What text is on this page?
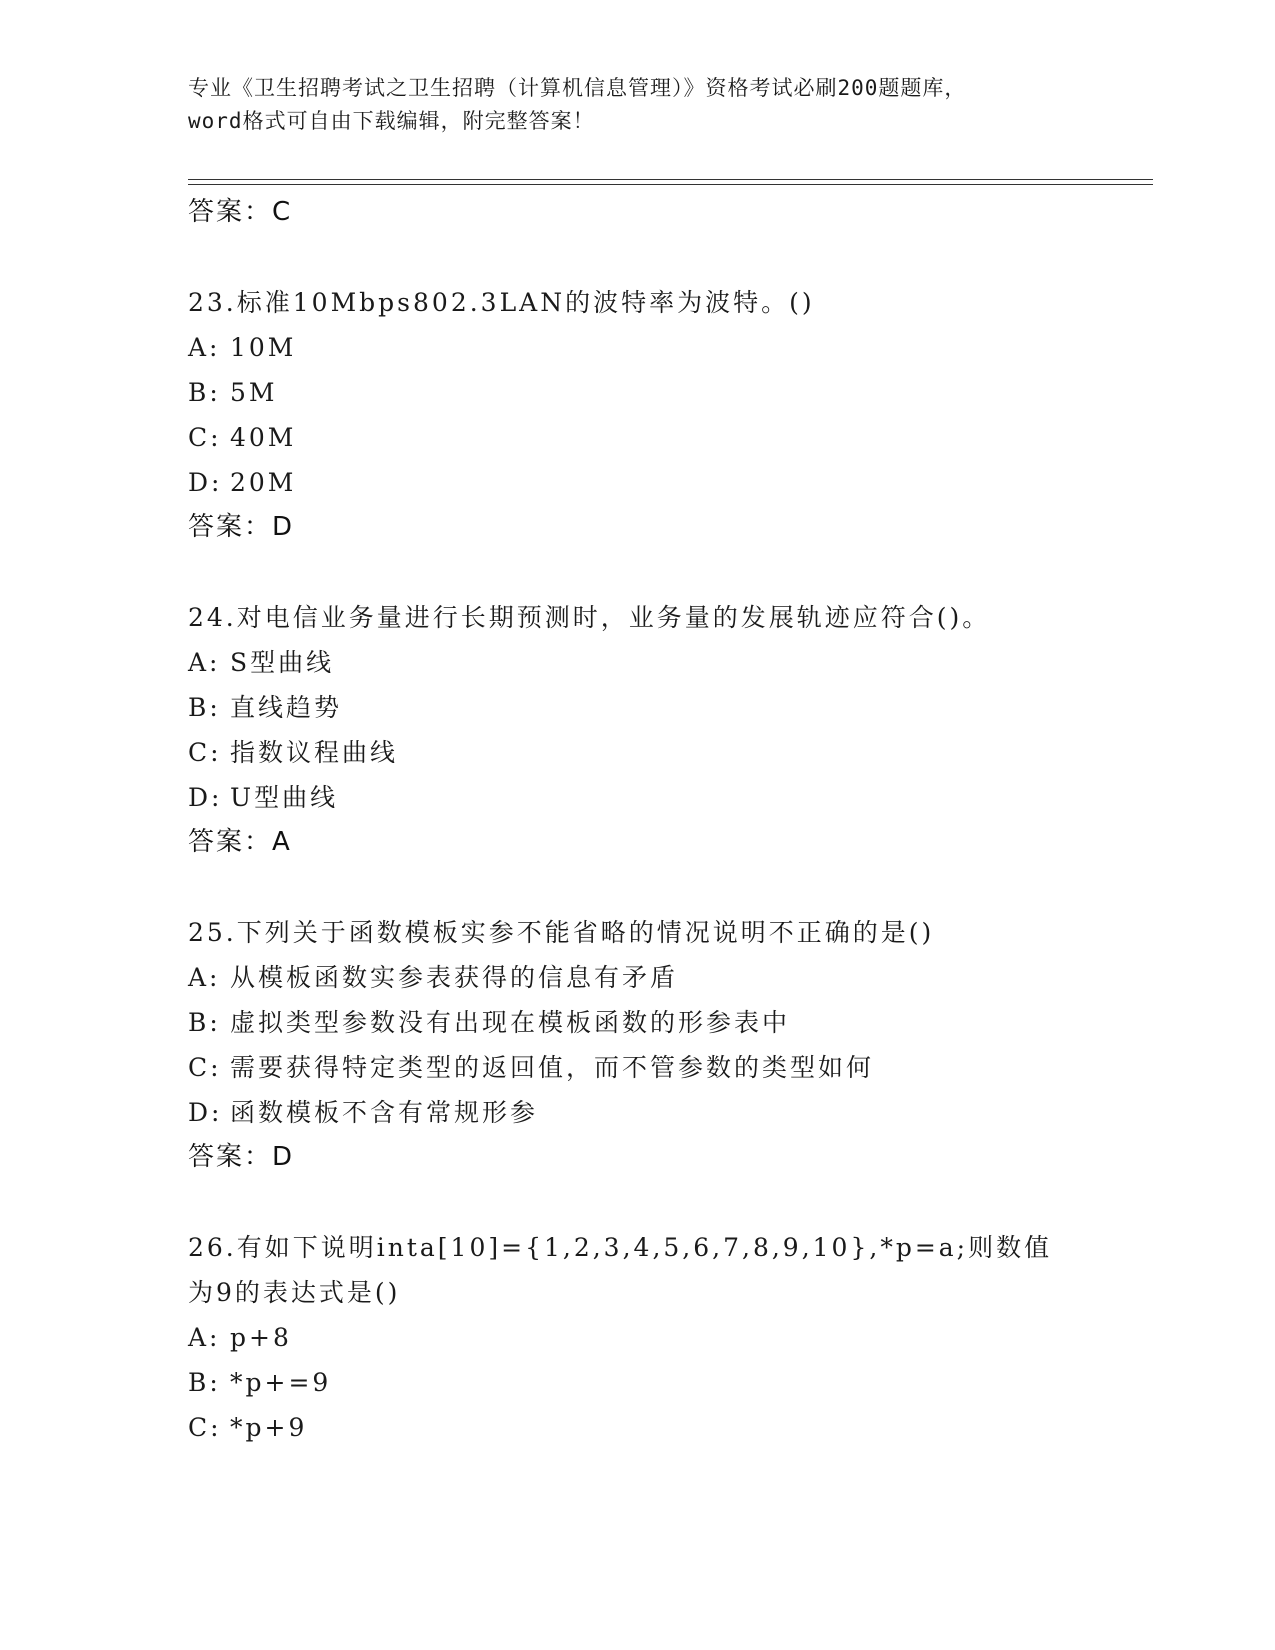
专业《卫生招聘考试之卫生招聘（计算机信息管理）》资格考试必刷200题题库，
word格式可自由下载编辑，附完整答案！
答案：C
23.标准10Mbps802.3LAN的波特率为波特。()
A: 10M
B: 5M
C: 40M
D: 20M
答案：D
24.对电信业务量进行长期预测时，业务量的发展轨迹应符合()。
A: S型曲线
B: 直线趋势
C: 指数议程曲线
D: U型曲线
答案：A
25.下列关于函数模板实参不能省略的情况说明不正确的是()
A: 从模板函数实参表获得的信息有矛盾
B: 虚拟类型参数没有出现在模板函数的形参表中
C: 需要获得特定类型的返回值，而不管参数的类型如何
D: 函数模板不含有常规形参
答案：D
26.有如下说明inta[10]={1,2,3,4,5,6,7,8,9,10},*p=a;则数值为9的表达式是()
A: p+8
B: *p+=9
C: *p+9
